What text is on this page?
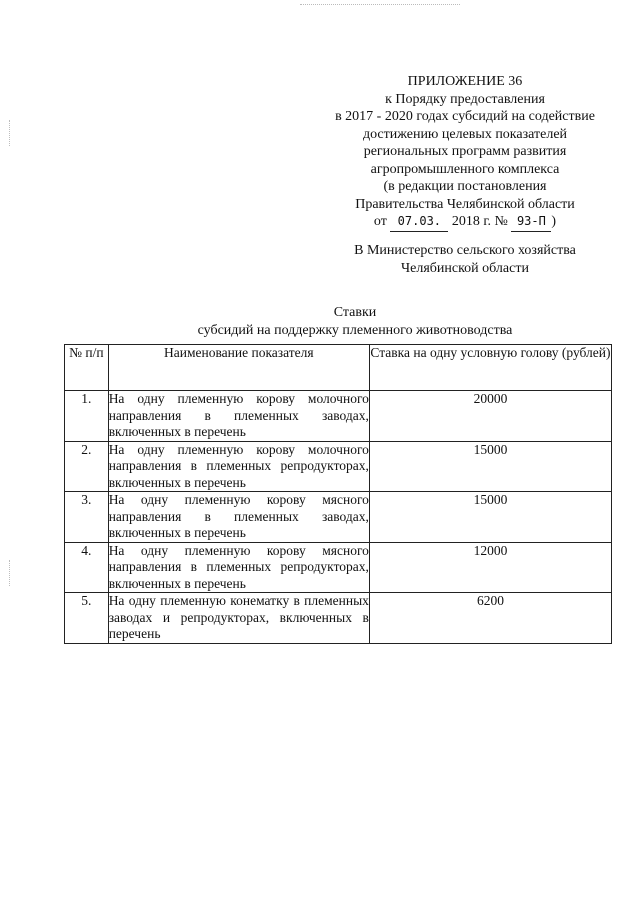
ПРИЛОЖЕНИЕ 36
к Порядку предоставления
в 2017 - 2020 годах субсидий на содействие
достижению целевых показателей
региональных программ развития
агропромышленного комплекса
(в редакции постановления
Правительства Челябинской области
от 07.03. 2018 г. № 93-П )
В Министерство сельского хозяйства
Челябинской области
Ставки
субсидий на поддержку племенного животноводства
№ п/п	Наименование показателя	Ставка на одну условную голову (рублей)
1.	На одну племенную корову молочного направления в племенных заводах, включенных в перечень	20000
2.	На одну племенную корову молочного направления в племенных репродукторах, включенных в перечень	15000
3.	На одну племенную корову мясного направления в племенных заводах, включенных в перечень	15000
4.	На одну племенную корову мясного направления в племенных репродукторах, включенных в перечень	12000
5.	На одну племенную конематку в племенных заводах и репродукторах, включенных в перечень	6200
